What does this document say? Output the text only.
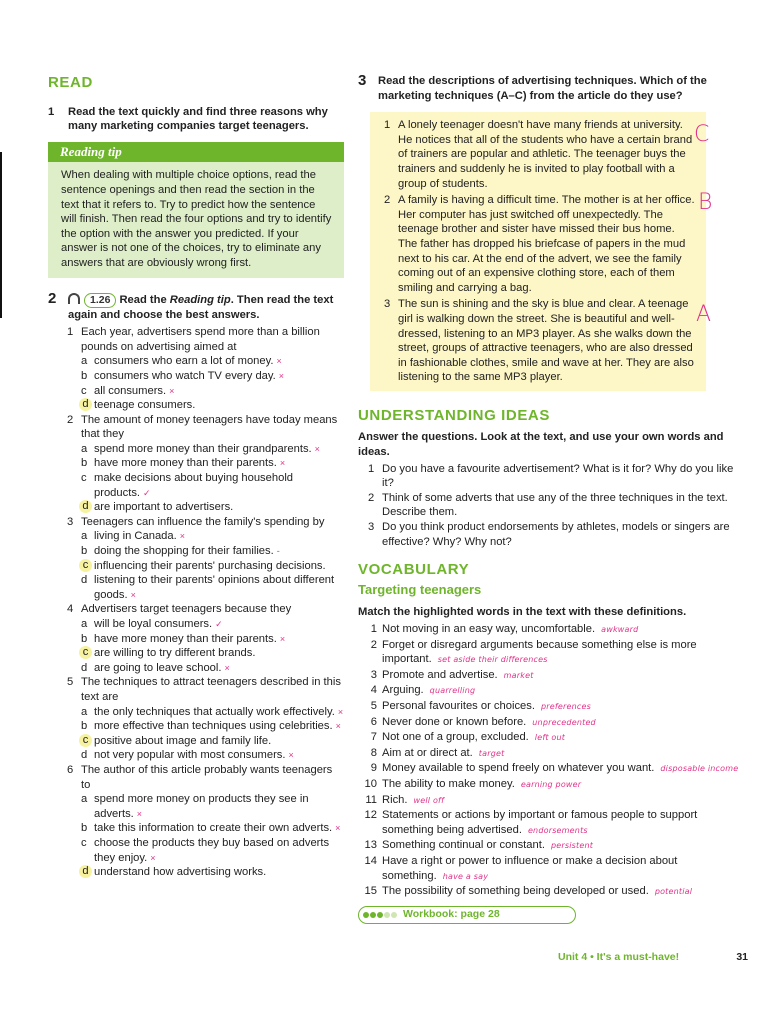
READ
1	Read the text quickly and find three reasons why many marketing companies target teenagers.
Reading tip
When dealing with multiple choice options, read the sentence openings and then read the section in the text that it refers to. Try to predict how the sentence will finish. Then read the four options and try to identify the option with the answer you predicted. If your answer is not one of the choices, try to eliminate any answers that are obviously wrong first.
2	1.26 Read the Reading tip. Then read the text again and choose the best answers.
1 Each year, advertisers spend more than a billion pounds on advertising aimed at
a consumers who earn a lot of money. ×
b consumers who watch TV every day. ×
c all consumers. ×
d teenage consumers.
2 The amount of money teenagers have today means that they
a spend more money than their grandparents. ×
b have more money than their parents. ×
c make decisions about buying household products. ✓
d are important to advertisers.
3 Teenagers can influence the family's spending by
a living in Canada. ×
b doing the shopping for their families. -
c influencing their parents' purchasing decisions.
d listening to their parents' opinions about different goods. ×
4 Advertisers target teenagers because they
a will be loyal consumers. ✓
b have more money than their parents. ×
c are willing to try different brands.
d are going to leave school. ×
5 The techniques to attract teenagers described in this text are
a the only techniques that actually work effectively. ×
b more effective than techniques using celebrities. ×
c positive about image and family life.
d not very popular with most consumers. ×
6 The author of this article probably wants teenagers to
a spend more money on products they see in adverts. ×
b take this information to create their own adverts. ×
c choose the products they buy based on adverts they enjoy. ×
d understand how advertising works.
3	Read the descriptions of advertising techniques. Which of the marketing techniques (A–C) from the article do they use?
1 A lonely teenager doesn't have many friends at university. He notices that all of the students who have a certain brand of trainers are popular and athletic. The teenager buys the trainers and suddenly he is invited to play football with a group of students.
2 A family is having a difficult time. The mother is at her office. Her computer has just switched off unexpectedly. The teenage brother and sister have missed their bus home. The father has dropped his briefcase of papers in the mud next to his car. At the end of the advert, we see the family coming out of an expensive clothing store, each of them smiling and carrying a bag.
3 The sun is shining and the sky is blue and clear. A teenage girl is walking down the street. She is beautiful and well-dressed, listening to an MP3 player. As she walks down the street, groups of attractive teenagers, who are also dressed in fashionable clothes, smile and wave at her. They are also listening to the same MP3 player.
UNDERSTANDING IDEAS
Answer the questions. Look at the text, and use your own words and ideas.
1 Do you have a favourite advertisement? What is it for? Why do you like it?
2 Think of some adverts that use any of the three techniques in the text. Describe them.
3 Do you think product endorsements by athletes, models or singers are effective? Why? Why not?
VOCABULARY
Targeting teenagers
Match the highlighted words in the text with these definitions.
1 Not moving in an easy way, uncomfortable. awkward
2 Forget or disregard arguments because something else is more important. set aside their differences
3 Promote and advertise. market
4 Arguing. quarrelling
5 Personal favourites or choices. preferences
6 Never done or known before. unprecedented
7 Not one of a group, excluded. left out
8 Aim at or direct at. target
9 Money available to spend freely on whatever you want. disposable income
10 The ability to make money. earning power
11 Rich. well off
12 Statements or actions by important or famous people to support something being advertised. endorsements
13 Something continual or constant. persistent
14 Have a right or power to influence or make a decision about something. have a say
15 The possibility of something being developed or used. potential
Workbook: page 28
C
B
A
Unit 4 • It's a must-have!	31
